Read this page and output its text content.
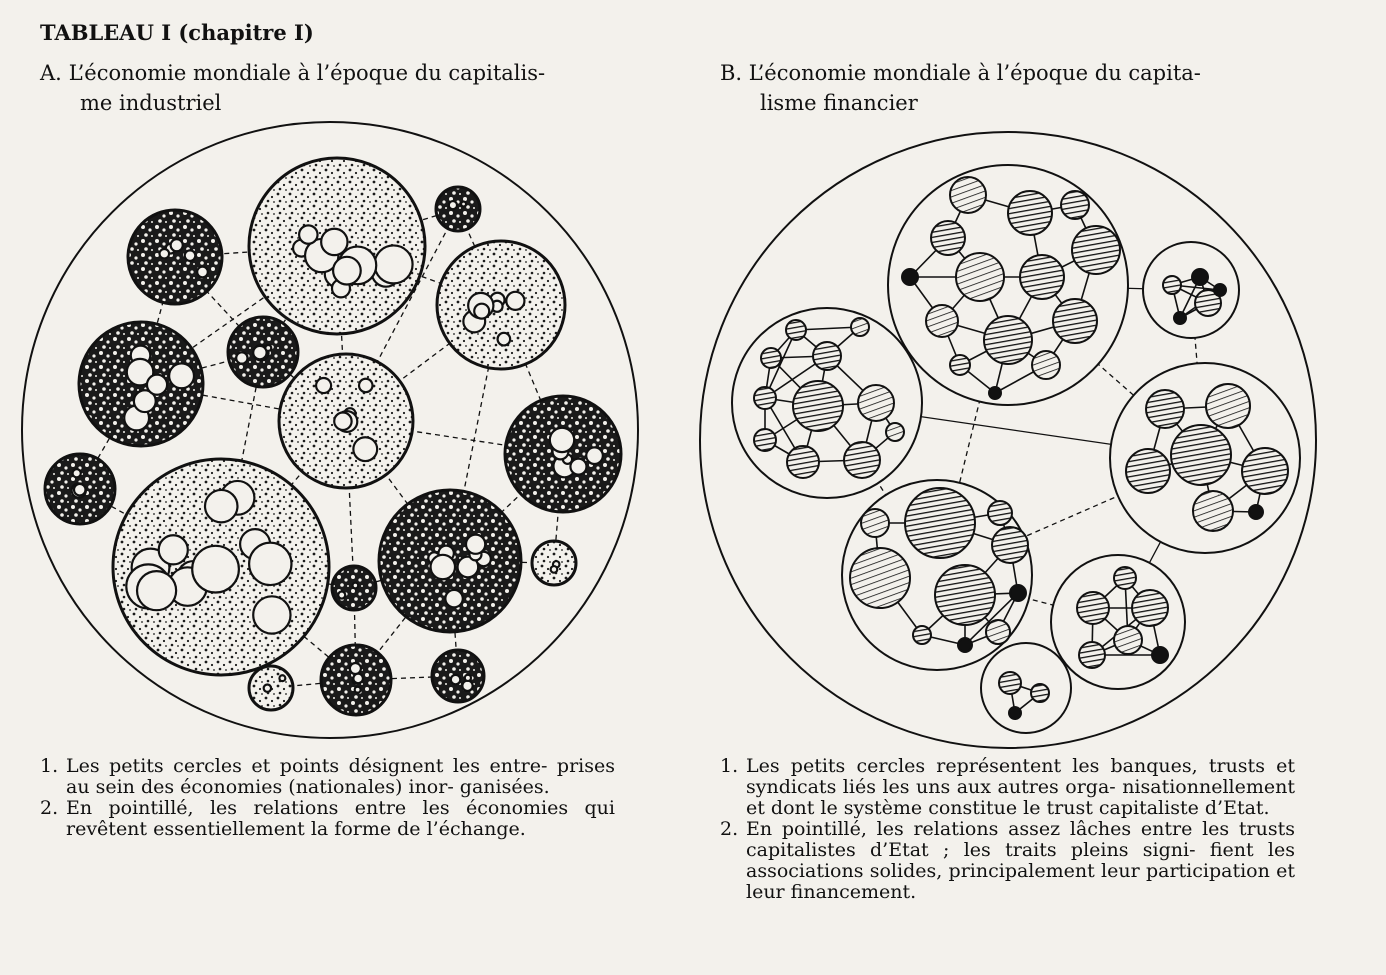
TABLEAU I (chapitre I)
A. L’économie mondiale à l’époque du capitalis-
me industriel
B. L’économie mondiale à l’époque du capita-
lisme financier
1. Les petits cercles et points désignent les entre- prises au sein des économies (nationales) inor- ganisées.
2. En pointillé, les relations entre les économies qui revêtent essentiellement la forme de l’échange.
1. Les petits cercles représentent les banques, trusts et syndicats liés les uns aux autres orga- nisationnellement et dont le système constitue le trust capitaliste d’Etat.
2. En pointillé, les relations assez lâches entre les trusts capitalistes d’Etat ; les traits pleins signi- fient les associations solides, principalement leur participation et leur financement.
